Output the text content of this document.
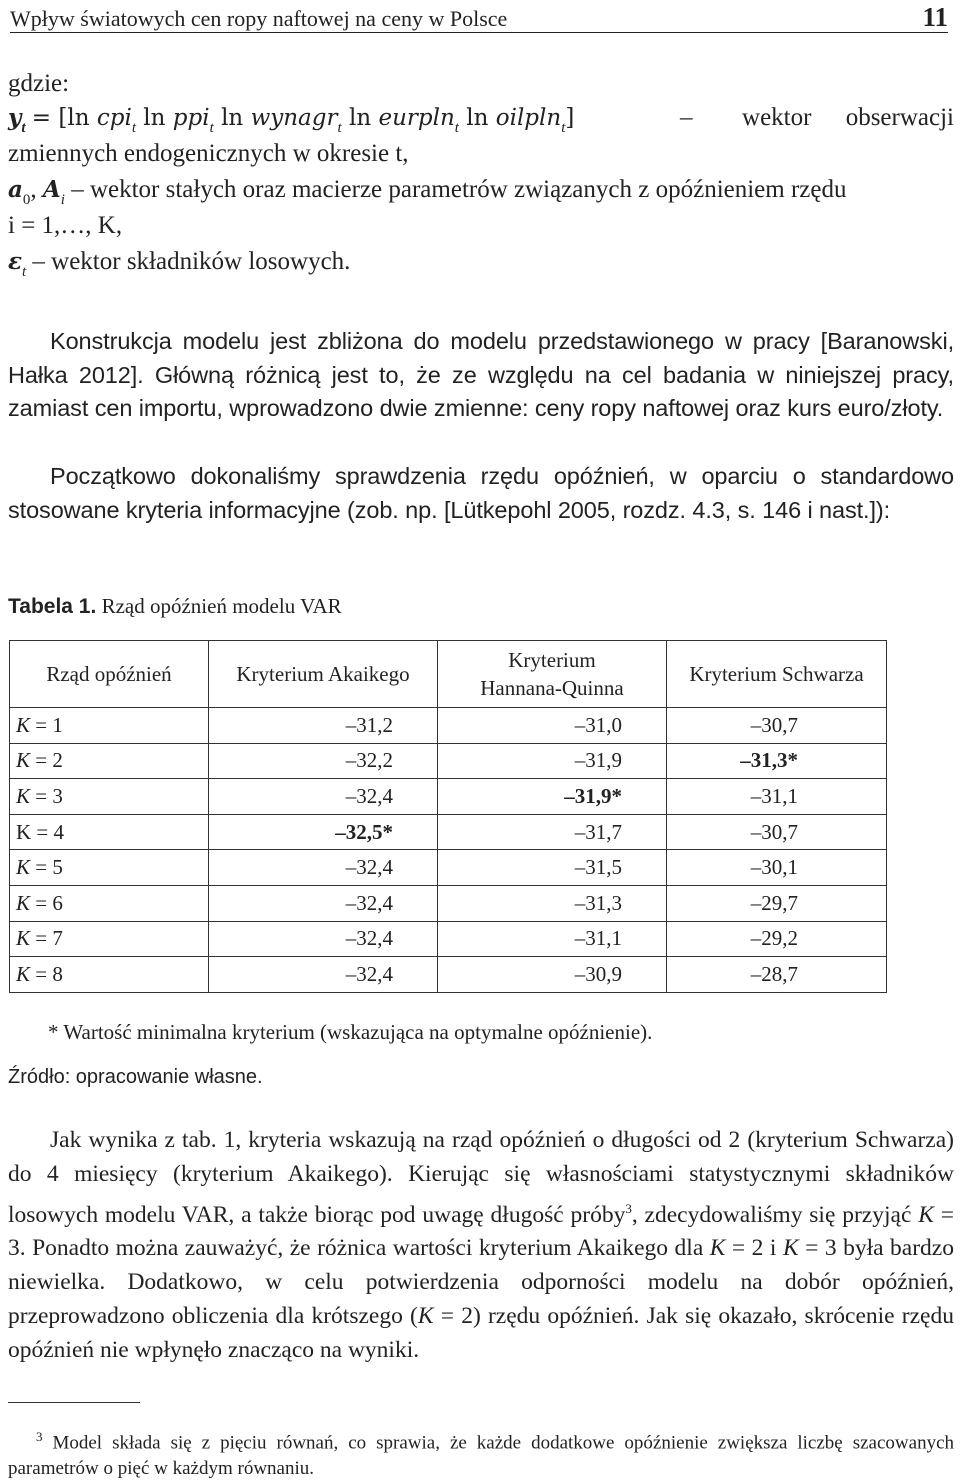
Wpływ światowych cen ropy naftowej na ceny w Polsce	11
gdzie:
$y_t = [\ln$ cpi$_t$ ln ppi$_t$ ln wynagr$_t$ ln eurpln$_t$ ln oilpln$_t$]	– wektor obserwacji
zmiennych endogenicznych w okresie t,
$a_0$, $A_i$ – wektor stałych oraz macierze parametrów związanych z opóźnieniem rzędu
i = 1,…, K,
$\varepsilon_t$ – wektor składników losowych.

Konstrukcja modelu jest zbliżona do modelu przedstawionego w pracy [Baranowski, Hałka 2012]. Główną różnicą jest to, że ze względu na cel badania w niniejszej pracy, zamiast cen importu, wprowadzono dwie zmienne: ceny ropy naftowej oraz kurs euro/złoty.

Początkowo dokonaliśmy sprawdzenia rzędu opóźnień, w oparciu o standardowo stosowane kryteria informacyjne (zob. np. [Lütkepohl 2005, rozdz. 4.3, s. 146 i nast.]):

Tabela 1. Rząd opóźnień modelu VAR
Rząd opóźnień	Kryterium Akaikego	Kryterium Hannana-Quinna	Kryterium Schwarza
K = 1	–31,2	–31,0	–30,7
K = 2	–32,2	–31,9	–31,3*
K = 3	–32,4	–31,9*	–31,1
K = 4	–32,5*	–31,7	–30,7
K = 5	–32,4	–31,5	–30,1
K = 6	–32,4	–31,3	–29,7
K = 7	–32,4	–31,1	–29,2
K = 8	–32,4	–30,9	–28,7
* Wartość minimalna kryterium (wskazująca na optymalne opóźnienie).
Źródło: opracowanie własne.

Jak wynika z tab. 1, kryteria wskazują na rząd opóźnień o długości od 2 (kryterium Schwarza) do 4 miesięcy (kryterium Akaikego). Kierując się własnościami statystycznymi składników losowych modelu VAR, a także biorąc pod uwagę długość próby$^3$, zdecydowaliśmy się przyjąć K = 3. Ponadto można zauważyć, że różnica wartości kryterium Akaikego dla K = 2 i K = 3 była bardzo niewielka. Dodatkowo, w celu potwierdzenia odporności modelu na dobór opóźnień, przeprowadzono obliczenia dla krótszego (K = 2) rzędu opóźnień. Jak się okazało, skrócenie rzędu opóźnień nie wpłynęło znacząco na wyniki.

$^3$ Model składa się z pięciu równań, co sprawia, że każde dodatkowe opóźnienie zwiększa liczbę szacowanych parametrów o pięć w każdym równaniu.
